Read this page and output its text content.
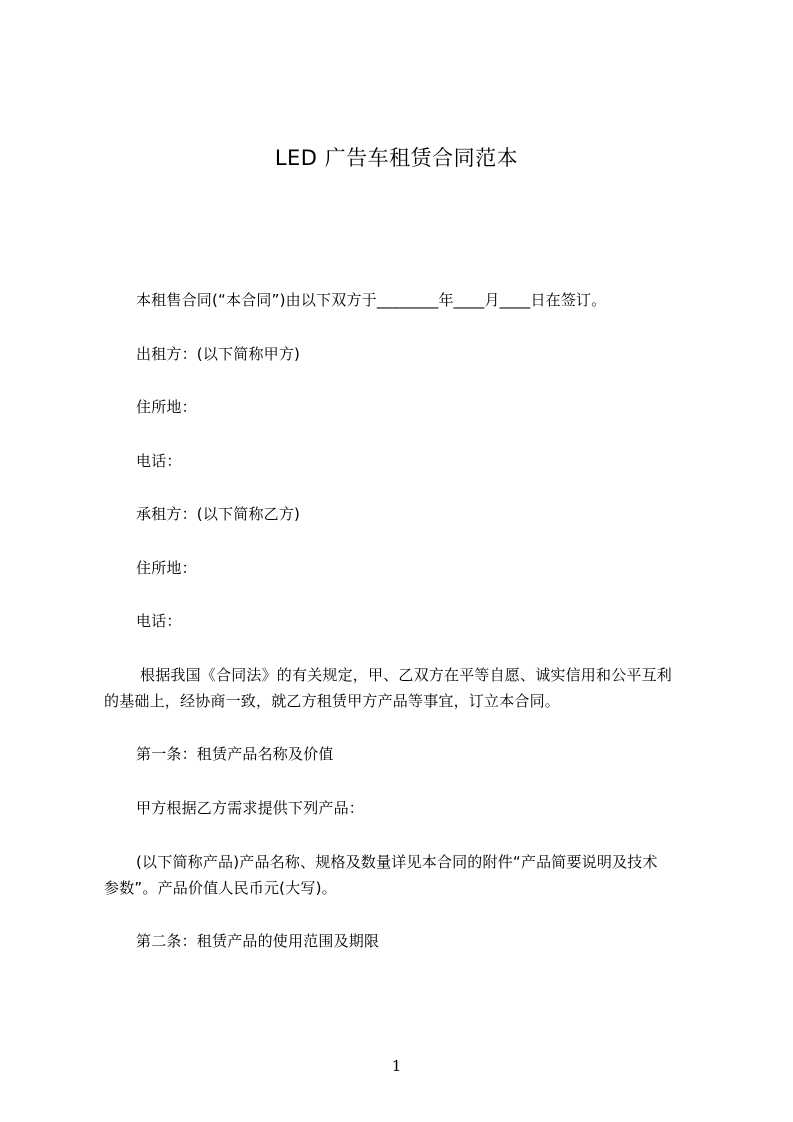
LED 广告车租赁合同范本
本租售合同(“本合同”)由以下双方于________年____月____日在签订。
出租方：(以下简称甲方)
住所地：
电话：
承租方：(以下简称乙方)
住所地：
电话：
根据我国《合同法》的有关规定，甲、乙双方在平等自愿、诚实信用和公平互利
的基础上，经协商一致，就乙方租赁甲方产品等事宜，订立本合同。
第一条：租赁产品名称及价值
甲方根据乙方需求提供下列产品：
(以下简称产品)产品名称、规格及数量详见本合同的附件“产品简要说明及技术
参数”。产品价值人民币元(大写)。
第二条：租赁产品的使用范围及期限
1
